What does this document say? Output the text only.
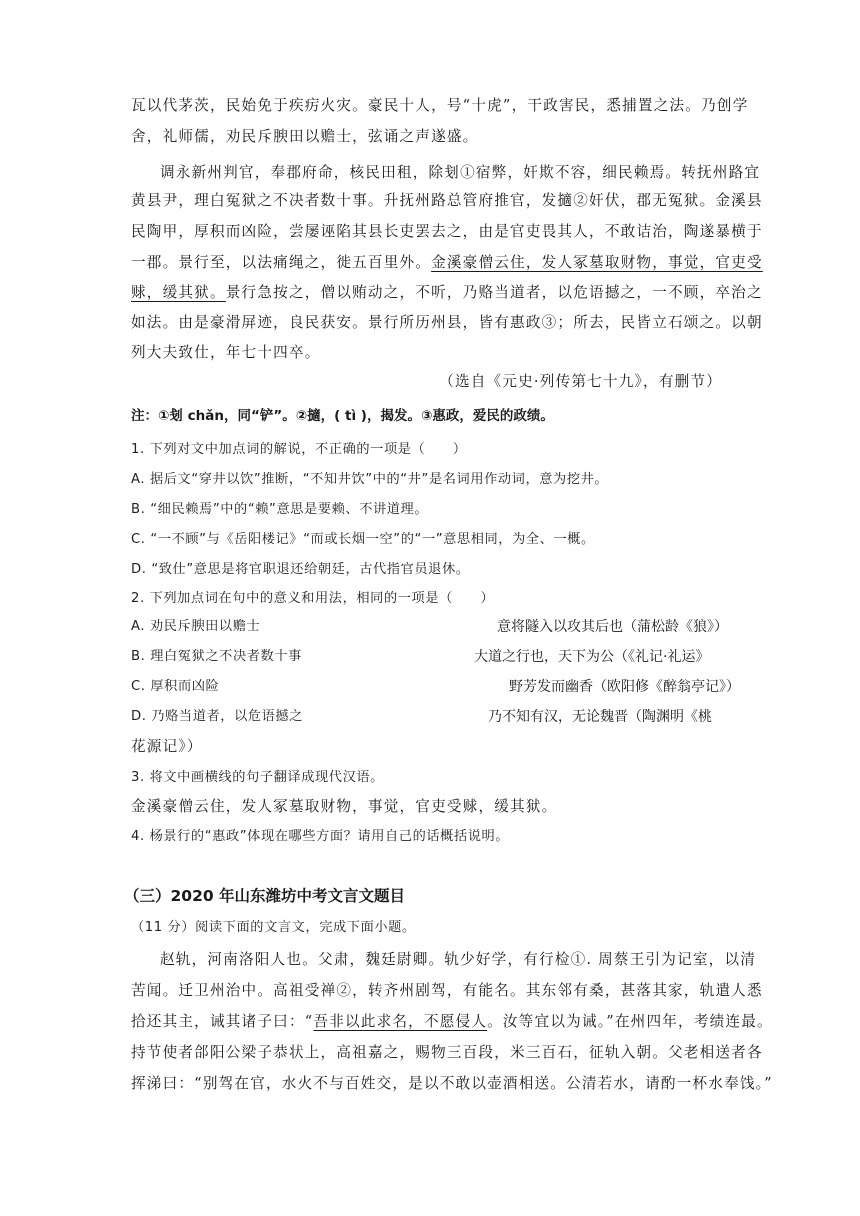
瓦以代茅茨，民始免于疾疠火灾。豪民十人，号“十虎”，干政害民，悉捕置之法。乃创学
舍，礼师儒，劝民斥腴田以赡士，弦诵之声遂盛。
调永新州判官，奉郡府命，核民田租，除刬①宿弊，奸欺不容，细民赖焉。转抚州路宜
黄县尹，理白冤狱之不决者数十事。升抚州路总管府推官，发擿②奸伏，郡无冤狱。金溪县
民陶甲，厚积而凶险，尝屡诬陷其县长吏罢去之，由是官吏畏其人，不敢诘治，陶遂暴横于
一郡。景行至，以法痛绳之，徙五百里外。金溪豪僧云住，发人冢墓取财物，事觉，官吏受
赇，缓其狱。景行急按之，僧以贿动之，不听，乃赂当道者，以危语撼之，一不顾，卒治之
如法。由是豪滑屏迹，良民获安。景行所历州县，皆有惠政③；所去，民皆立石颂之。以朝
列大夫致仕，年七十四卒。
（选自《元史·列传第七十九》，有删节）
注：①刬 chǎn，同“铲”。②擿，( tì )，揭发。③惠政，爱民的政绩。
1. 下列对文中加点词的解说，不正确的一项是（　　）
A. 据后文“穿井以饮”推断，“不知井饮”中的“井”是名词用作动词，意为挖井。
B. “细民赖焉”中的“赖”意思是要赖、不讲道理。
C. “一不顾”与《岳阳楼记》“而或长烟一空”的“一”意思相同，为全、一概。
D. “致仕”意思是将官职退还给朝廷，古代指官员退休。
2. 下列加点词在句中的意义和用法，相同的一项是（　　）
A. 劝民斥腴田以赡士	意将隧入以攻其后也（蒲松龄《狼》）
B. 理白冤狱之不决者数十事	大道之行也，天下为公（《礼记·礼运》
C. 厚积而凶险	野芳发而幽香（欧阳修《醉翁亭记》）
D. 乃赂当道者，以危语撼之	乃不知有汉，无论魏晋（陶渊明《桃
花源记》）
3. 将文中画横线的句子翻译成现代汉语。
金溪豪僧云住，发人冢墓取财物，事觉，官吏受赇，缓其狱。
4. 杨景行的“惠政”体现在哪些方面？请用自己的话概括说明。
（三）2020 年山东潍坊中考文言文题目
（11 分）阅读下面的文言文，完成下面小题。
赵轨，河南洛阳人也。父肃，魏廷尉卿。轨少好学，有行检①. 周蔡王引为记室，以清
苦闻。迁卫州治中。高祖受禅②，转齐州剧驾，有能名。其东邻有桑，甚落其家，轨遣人悉
拾还其主，诫其诸子曰：“吾非以此求名，不愿侵人。汝等宜以为诫。”在州四年，考绩连最。
持节使者郃阳公梁子恭状上，高祖嘉之，赐物三百段，米三百石，征轨入朝。父老相送者各
挥涕曰：“别驾在官，水火不与百姓交，是以不敢以壶酒相送。公清若水，请酌一杯水奉饯。”
